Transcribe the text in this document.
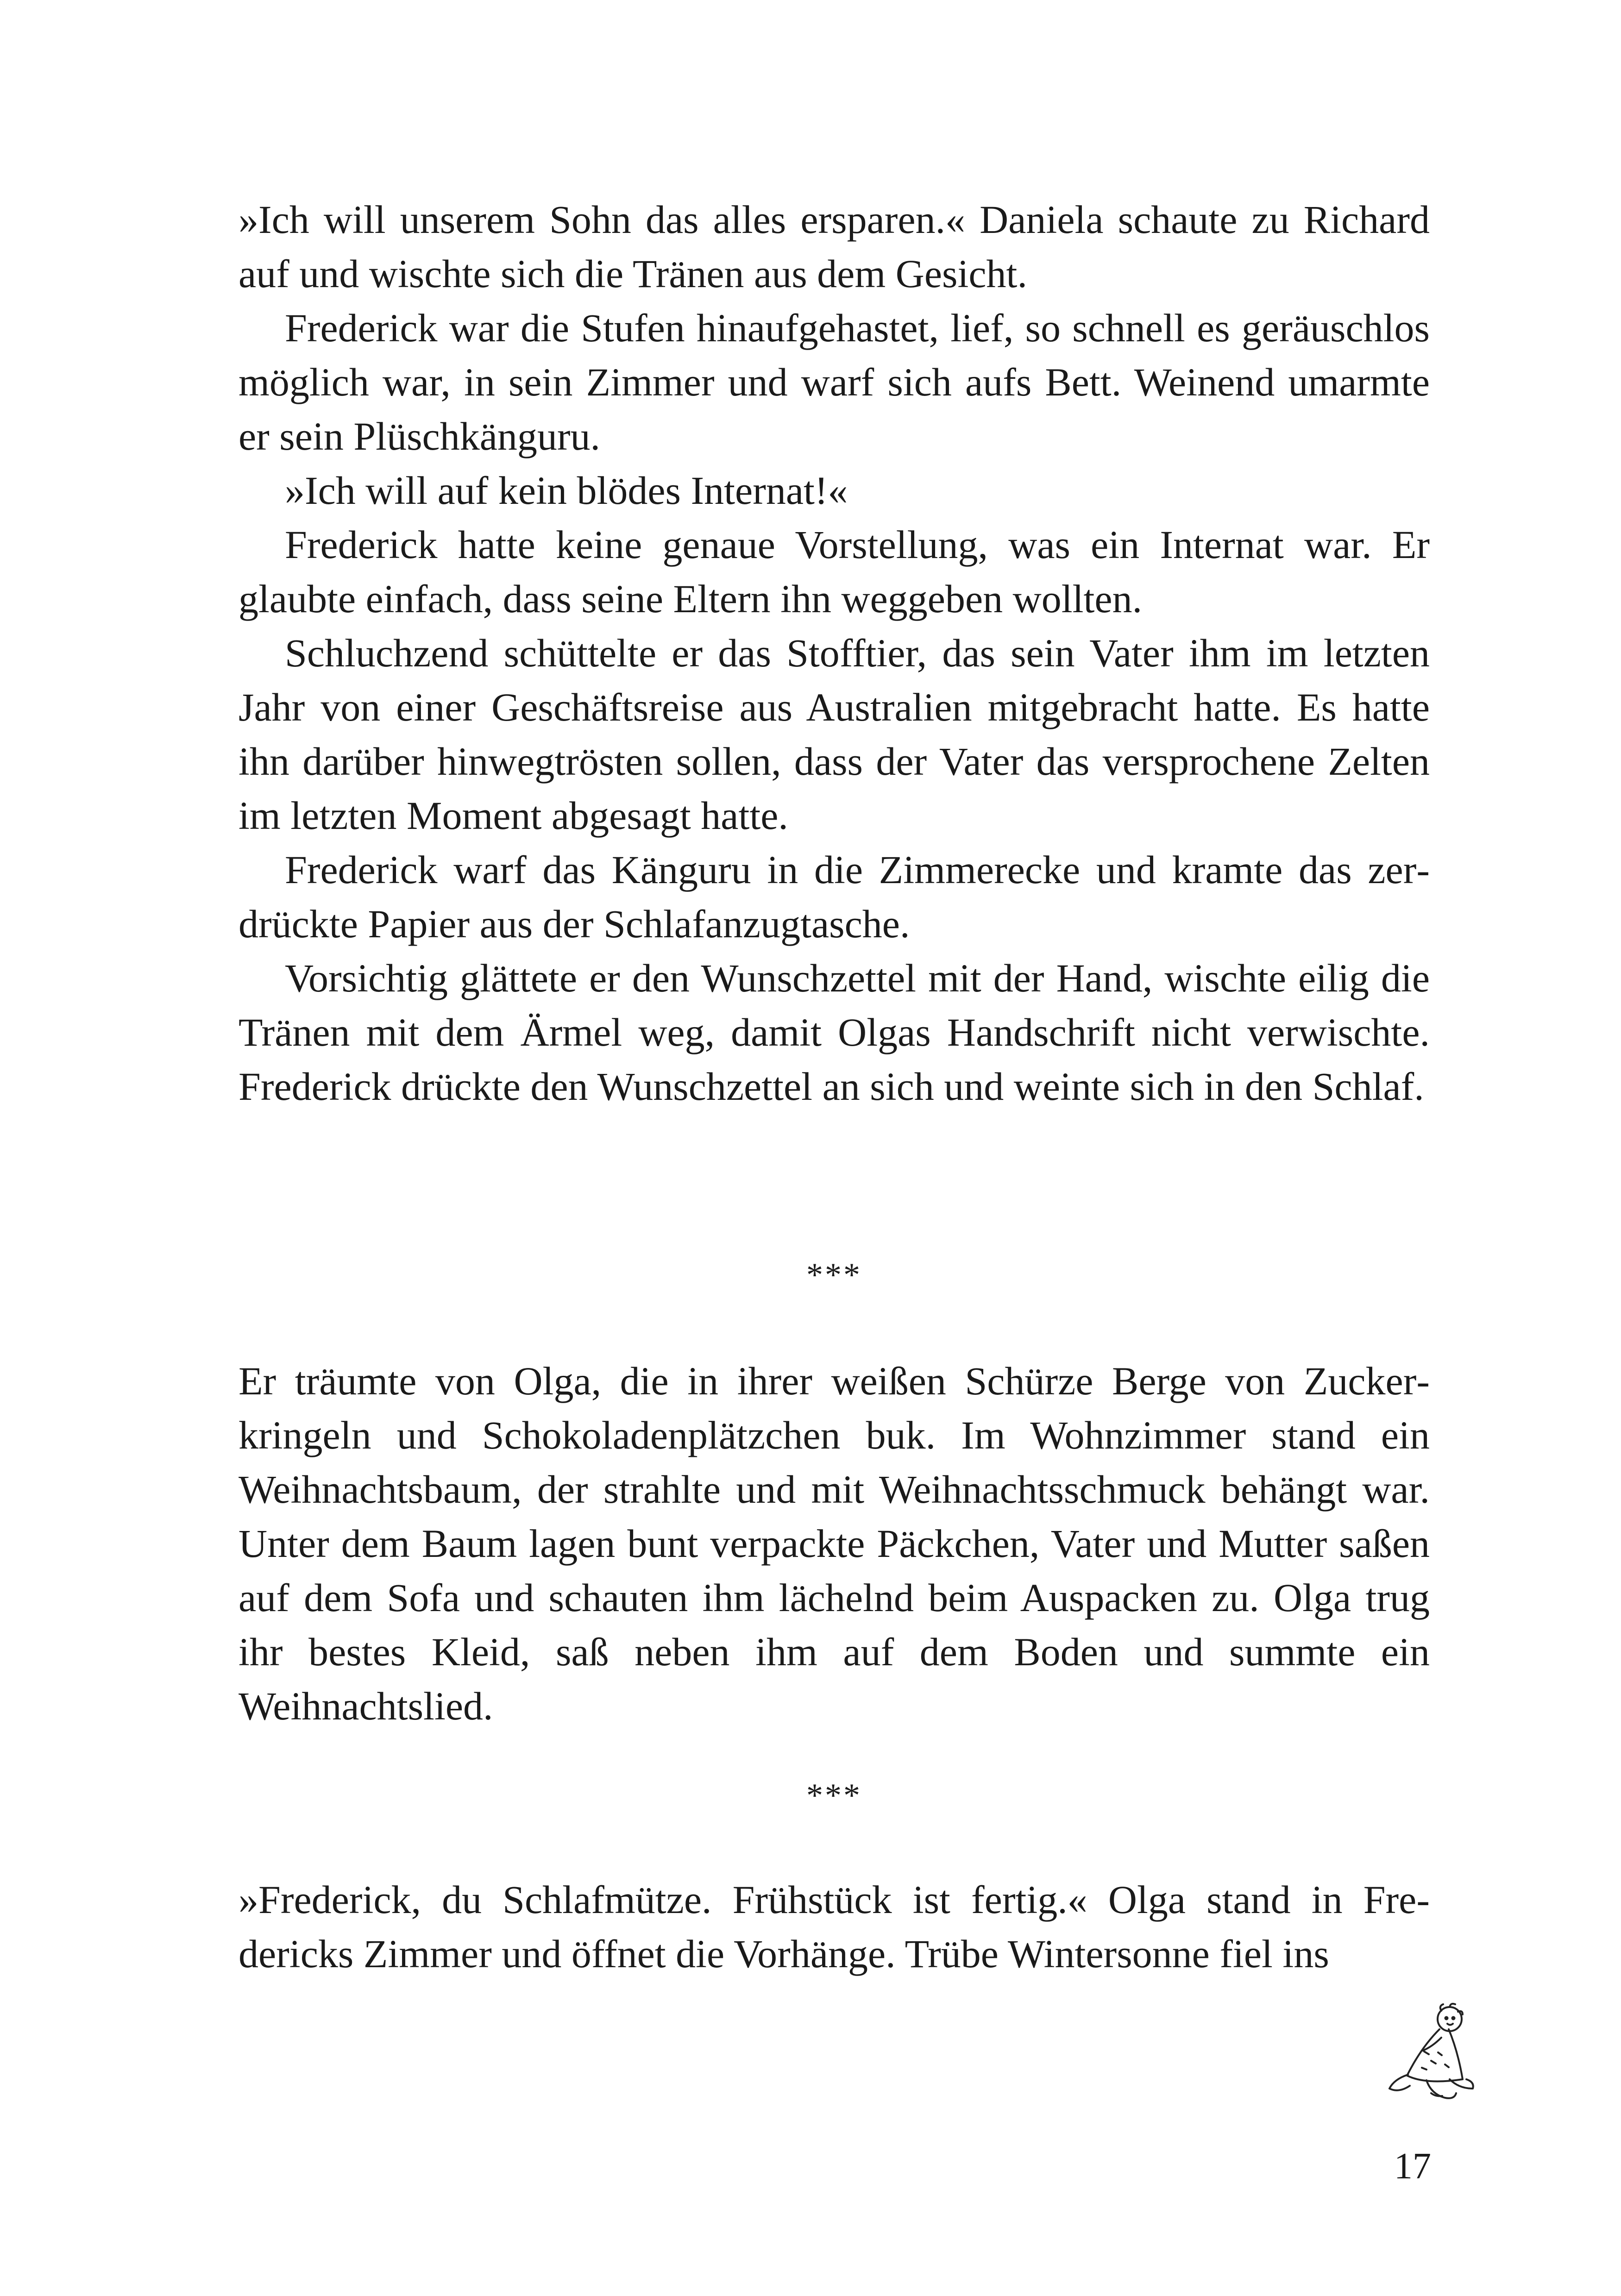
»Ich will unserem Sohn das alles ersparen.« Daniela schaute zu Richard auf und wischte sich die Tränen aus dem Gesicht.

Frederick war die Stufen hinaufgehastet, lief, so schnell es geräuschlos möglich war, in sein Zimmer und warf sich aufs Bett. Weinend umarmte er sein Plüschkänguru.

»Ich will auf kein blödes Internat!«

Frederick hatte keine genaue Vorstellung, was ein Internat war. Er glaubte einfach, dass seine Eltern ihn weggeben wollten.

Schluchzend schüttelte er das Stofftier, das sein Vater ihm im letzten Jahr von einer Geschäftsreise aus Australien mitgebracht hatte. Es hatte ihn darüber hinwegtrösten sollen, dass der Vater das versprochene Zelten im letzten Moment abgesagt hatte.

Frederick warf das Känguru in die Zimmerecke und kramte das zerdrückte Papier aus der Schlafanzugtasche.

Vorsichtig glättete er den Wunschzettel mit der Hand, wischte eilig die Tränen mit dem Ärmel weg, damit Olgas Handschrift nicht verwischte. Frederick drückte den Wunschzettel an sich und weinte sich in den Schlaf.

***

Er träumte von Olga, die in ihrer weißen Schürze Berge von Zuckerkringeln und Schokoladenplätzchen buk. Im Wohnzimmer stand ein Weihnachtsbaum, der strahlte und mit Weihnachtsschmuck behängt war. Unter dem Baum lagen bunt verpackte Päckchen, Vater und Mutter saßen auf dem Sofa und schauten ihm lächelnd beim Auspacken zu. Olga trug ihr bestes Kleid, saß neben ihm auf dem Boden und summte ein Weihnachtslied.

***

»Frederick, du Schlafmütze. Frühstück ist fertig.« Olga stand in Fredericks Zimmer und öffnet die Vorhänge. Trübe Wintersonne fiel ins

17
